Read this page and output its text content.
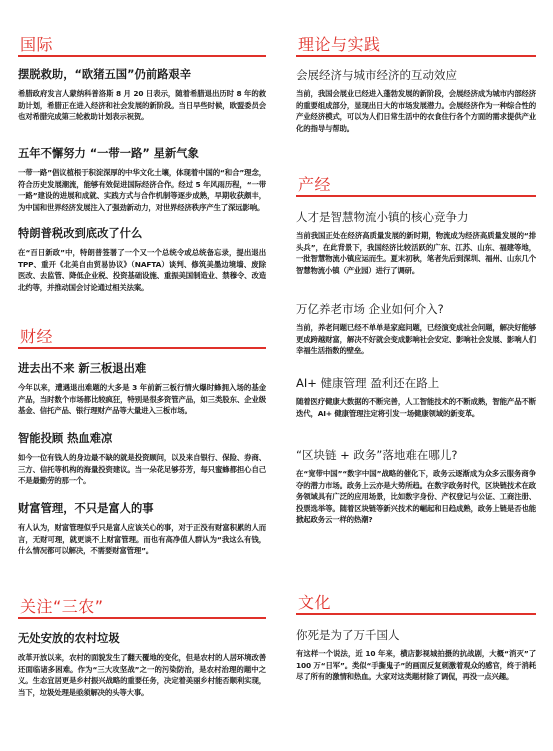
国际
摆脱救助，“欧猪五国”仍前路艰辛

希腊政府发言人蒙纳科普洛斯 8 月 20 日表示，随着希腊退出历时 8 年的救助计划，希腊正在进入经济和社会发展的新阶段。当日早些时候，欧盟委员会也对希腊完成第三轮救助计划表示祝贺。

五年不懈努力 “一带一路” 星新气象

一带一路”倡议植根于积淀深厚的中华文化土壤，体现着中国的“和合”理念，符合历史发展潮流，能够有效促进国际经济合作。经过 5 年风雨历程，“一带一路”建设的进展和成就、实践方式与合作机制等逐步成熟，早期收获颇丰，为中国和世界经济发展注入了强劲新动力，对世界经济秩序产生了深远影响。

特朗普税改到底改了什么

在“百日新政”中，特朗普签署了一个又一个总统令或总统备忘录，提出退出 TPP、重开《北美自由贸易协议》（NAFTA）谈判、修筑美墨边境墙、废除医改、去监管、降低企业税、投资基础设施、重振美国制造业、禁穆令、改造北约等，并推动国会讨论通过相关法案。

财经
进去出不来 新三板退出难

今年以来，遭遇退出难题的大多是 3 年前新三板行情火爆时蜂拥入场的基金产品，当时数个市场都比较疯狂，特别是很多资管产品，如三类股东、企业级基金、信托产品、银行理财产品等大量进入三板市场。

智能投顾 热血难凉

如今一位有钱人的身边最不缺的就是投资顾问，以及来自银行、保险、券商、三方、信托等机构的海量投资建议。当一朵花足够芬芳，每只蜜蜂都担心自己不是最勤劳的那一个。

财富管理，不只是富人的事

有人认为，财富管理似乎只是富人应该关心的事，对于正没有财富积累的人而言，无财可理，就更谈不上财富管理。而也有高净值人群认为“我这么有钱，什么情况都可以解决，不需要财富管理”。

关注“三农”
无处安放的农村垃圾

改革开放以来，农村的面貌发生了翻天覆地的变化，但是农村的人居环境改善还面临诸多困难。作为“三大攻坚战”之一的污染防治，是农村治理的题中之义。生态宜居更是乡村振兴战略的重要任务，决定着美丽乡村能否顺利实现，当下，垃圾处理是亟须解决的头等大事。

理论与实践
会展经济与城市经济的互动效应

当前，我国会展业已经进入蓬勃发展的新阶段，会展经济成为城市内部经济的重要组成部分，显现出日大的市场发展潜力。会展经济作为一种综合性的产业经济模式，可以为人们日常生活中的衣食住行各个方面的需求提供产业化的指导与帮助。

产经
人才是智慧物流小镇的核心竞争力

当前我国正处在经济高质量发展的新时期，物流成为经济高质量发展的“排头兵”，在此背景下，我国经济比较活跃的广东、江苏、山东、福建等地，一批智慧物流小镇应运而生。夏末初秋，笔者先后到深圳、福州、山东几个智慧物流小镇（产业园）进行了调研。

万亿养老市场 企业如何介入?

当前，养老问题已经不单单是家庭问题，已经演变成社会问题，解决好能够更成跨越财富，解决不好就会变成影响社会安定、影响社会发展、影响人们幸福生活指数的壁垒。

AI+ 健康管理 盈利还在路上

随着医疗健康大数据的不断完善，人工智能技术的不断成熟，智能产品不断迭代，AI+ 健康管理注定将引发一场健康领域的新变革。

“区块链 + 政务”落地难在哪儿?

在“宽带中国”“数字中国”战略的催化下，政务云逐渐成为众多云服务商争夺的潜力市场。政务上云亦是大势所趋。在数字政务时代，区块链技术在政务领域具有广泛的应用场景，比如数字身份、产权登记与公证、工商注册、投票选举等。随着区块链等新兴技术的崛起和日趋成熟，政务上链是否也能掀起政务云一样的热潮?

文化
你死是为了万千国人

有这样一个说法，近 10 年来，横店影视城拍摄的抗战剧，大概“消灭”了 100 万“日军”。类似“手撕鬼子”的画面反复刺激着观众的感官，终于消耗尽了所有的激情和热血。大家对这类题材除了调侃，再没一点兴趣。
